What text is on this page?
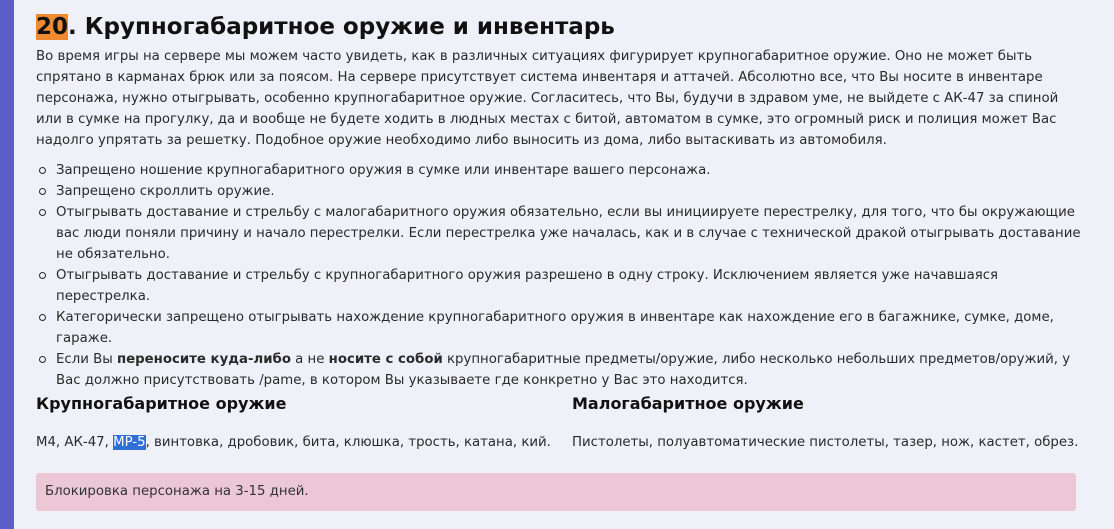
20. Крупногабаритное оружие и инвентарь

Во время игры на сервере мы можем часто увидеть, как в различных ситуациях фигурирует крупногабаритное оружие. Оно не может быть спрятано в карманах брюк или за поясом. На сервере присутствует система инвентаря и аттачей. Абсолютно все, что Вы носите в инвентаре персонажа, нужно отыгрывать, особенно крупногабаритное оружие. Согласитесь, что Вы, будучи в здравом уме, не выйдете с АК-47 за спиной или в сумке на прогулку, да и вообще не будете ходить в людных местах с битой, автоматом в сумке, это огромный риск и полиция может Вас надолго упрятать за решетку. Подобное оружие необходимо либо выносить из дома, либо вытаскивать из автомобиля.

Запрещено ношение крупногабаритного оружия в сумке или инвентаре вашего персонажа.
Запрещено скроллить оружие.
Отыгрывать доставание и стрельбу с малогабаритного оружия обязательно, если вы инициируете перестрелку, для того, что бы окружающие вас люди поняли причину и начало перестрелки. Если перестрелка уже началась, как и в случае с технической дракой отыгрывать доставание не обязательно.
Отыгрывать доставание и стрельбу с крупногабаритного оружия разрешено в одну строку. Исключением является уже начавшаяся перестрелка.
Категорически запрещено отыгрывать нахождение крупногабаритного оружия в инвентаре как нахождение его в багажнике, сумке, доме, гараже.
Если Вы переносите куда-либо а не носите с собой крупногабаритные предметы/оружие, либо несколько небольших предметов/оружий, у Вас должно присутствовать /pame, в котором Вы указываете где конкретно у Вас это находится.
Крупногабаритное оружие

М4, АК-47, MP-5, винтовка, дробовик, бита, клюшка, трость, катана, кий.

Малогабаритное оружие

Пистолеты, полуавтоматические пистолеты, тазер, нож, кастет, обрез.

Блокировка персонажа на 3-15 дней.
